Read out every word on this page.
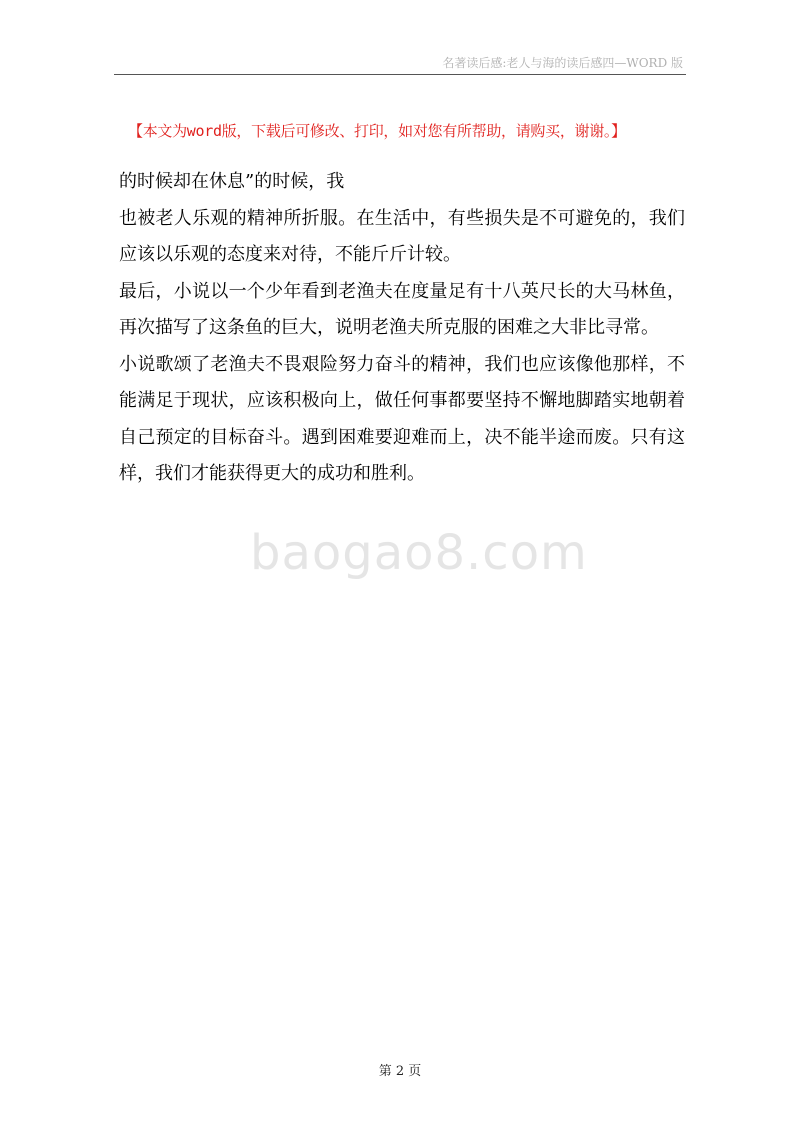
名著读后感:老人与海的读后感四—WORD 版
【本文为word版，下载后可修改、打印，如对您有所帮助，请购买，谢谢。】

的时候却在休息”的时候，我

也被老人乐观的精神所折服。在生活中，有些损失是不可避免的，我们应该以乐观的态度来对待，不能斤斤计较。

最后，小说以一个少年看到老渔夫在度量足有十八英尺长的大马林鱼，再次描写了这条鱼的巨大，说明老渔夫所克服的困难之大非比寻常。

小说歌颂了老渔夫不畏艰险努力奋斗的精神，我们也应该像他那样，不能满足于现状，应该积极向上，做任何事都要坚持不懈地脚踏实地朝着自己预定的目标奋斗。遇到困难要迎难而上，决不能半途而废。只有这样，我们才能获得更大的成功和胜利。

baogao8.com
第 2 页
